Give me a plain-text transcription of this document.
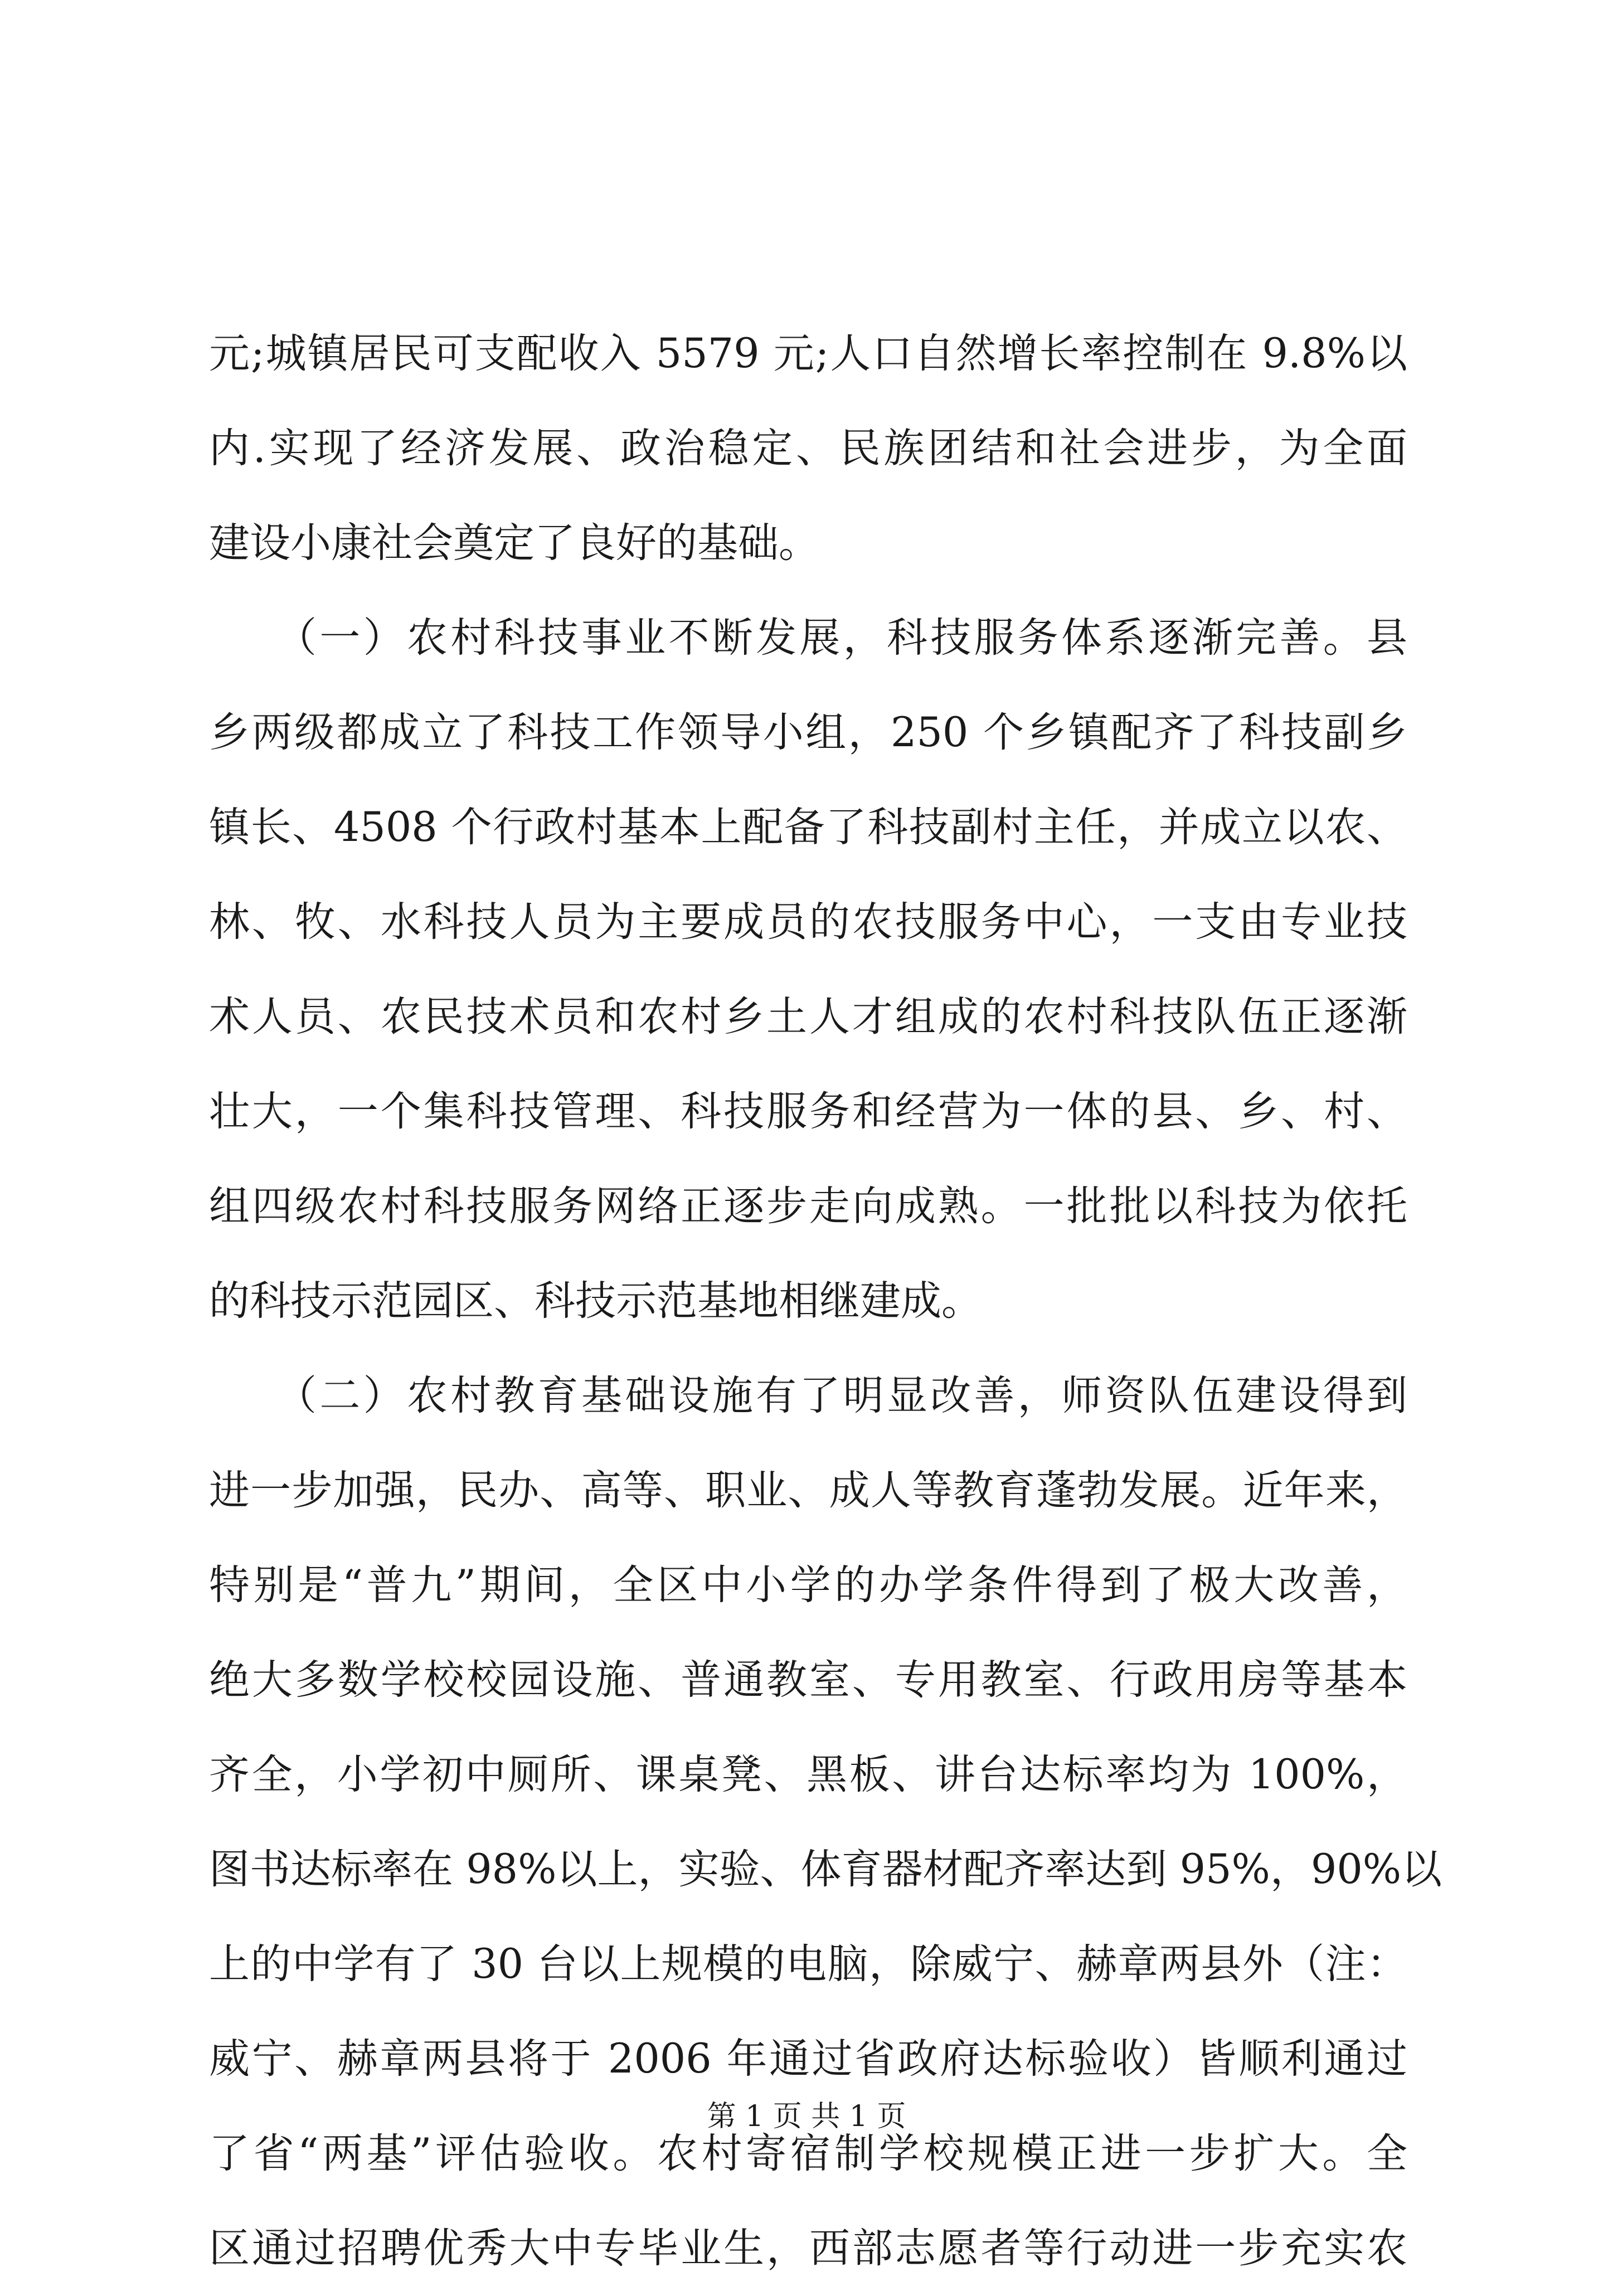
元;城镇居民可支配收入 5579 元;人口自然增长率控制在 9.8%以
内.实现了经济发展、政治稳定、民族团结和社会进步，为全面
建设小康社会奠定了良好的基础。
　　（一）农村科技事业不断发展，科技服务体系逐渐完善。县
乡两级都成立了科技工作领导小组，250 个乡镇配齐了科技副乡
镇长、4508 个行政村基本上配备了科技副村主任，并成立以农、
林、牧、水科技人员为主要成员的农技服务中心，一支由专业技
术人员、农民技术员和农村乡土人才组成的农村科技队伍正逐渐
壮大，一个集科技管理、科技服务和经营为一体的县、乡、村、
组四级农村科技服务网络正逐步走向成熟。一批批以科技为依托
的科技示范园区、科技示范基地相继建成。
　　（二）农村教育基础设施有了明显改善，师资队伍建设得到
进一步加强，民办、高等、职业、成人等教育蓬勃发展。近年来，
特别是“普九”期间，全区中小学的办学条件得到了极大改善，
绝大多数学校校园设施、普通教室、专用教室、行政用房等基本
齐全，小学初中厕所、课桌凳、黑板、讲台达标率均为 100%，
图书达标率在 98%以上，实验、体育器材配齐率达到 95%，90%以
上的中学有了 30 台以上规模的电脑，除威宁、赫章两县外（注：
威宁、赫章两县将于 2006 年通过省政府达标验收）皆顺利通过
了省“两基”评估验收。农村寄宿制学校规模正进一步扩大。全
区通过招聘优秀大中专毕业生，西部志愿者等行动进一步充实农
第 1 页 共 1 页
